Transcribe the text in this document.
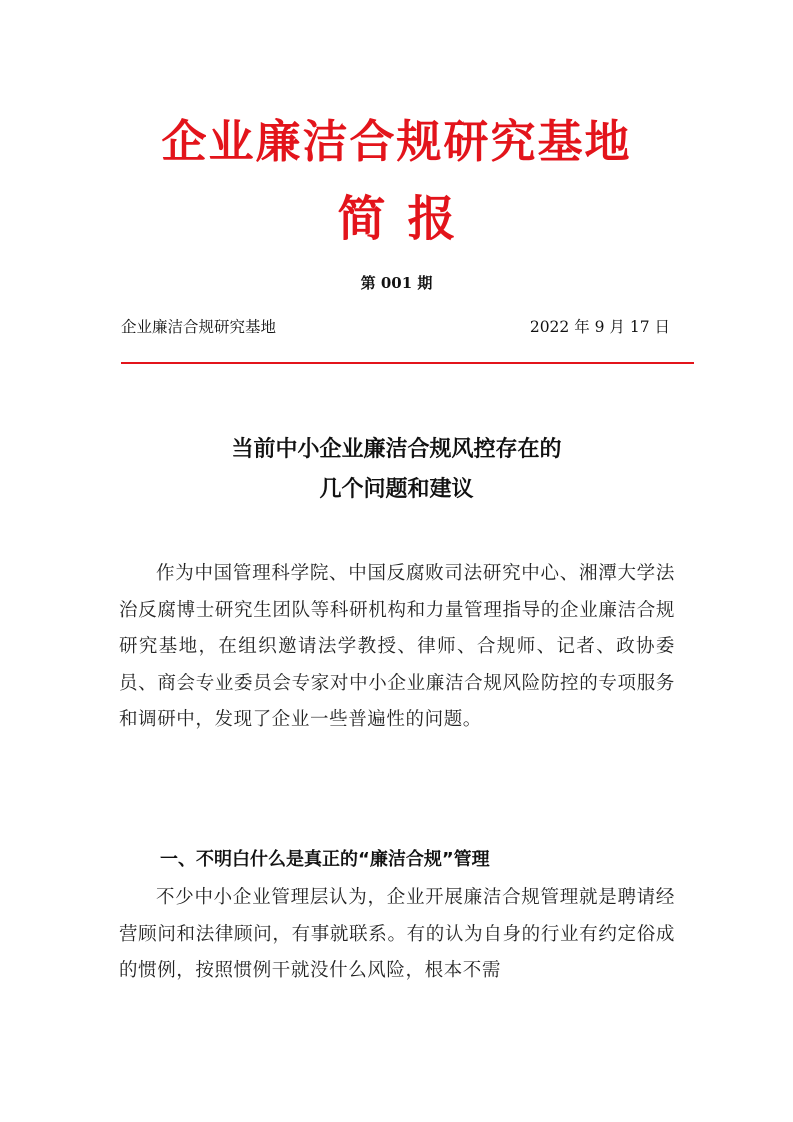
企业廉洁合规研究基地
简报
第 001 期
企业廉洁合规研究基地	2022 年 9 月 17 日
当前中小企业廉洁合规风控存在的
几个问题和建议
作为中国管理科学院、中国反腐败司法研究中心、湘潭大学法治反腐博士研究生团队等科研机构和力量管理指导的企业廉洁合规研究基地，在组织邀请法学教授、律师、合规师、记者、政协委员、商会专业委员会专家对中小企业廉洁合规风险防控的专项服务和调研中，发现了企业一些普遍性的问题。
一、不明白什么是真正的“廉洁合规”管理
不少中小企业管理层认为，企业开展廉洁合规管理就是聘请经营顾问和法律顾问，有事就联系。有的认为自身的行业有约定俗成的惯例，按照惯例干就没什么风险，根本不需
